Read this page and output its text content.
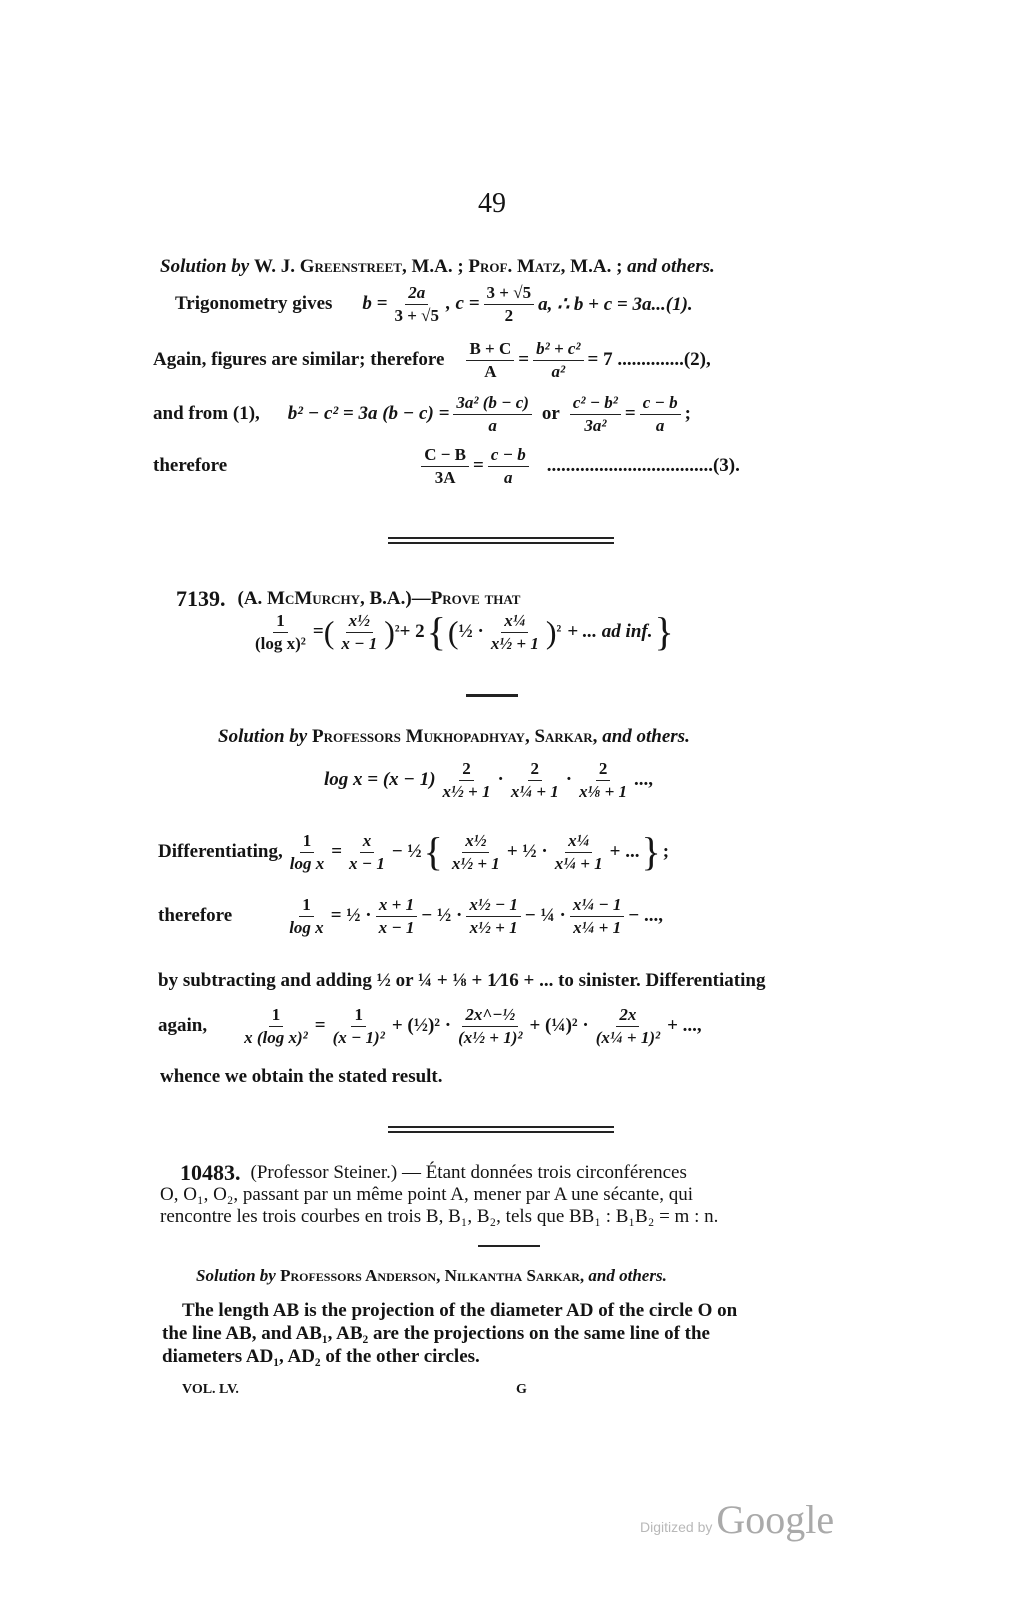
49
Solution by
W. J. Greenstreet, M.A. ; Prof. Matz, M.A. ;
and others.
Trigonometry gives $b = \frac{2a}{3 + √5}$ , $c = \frac{3 + √5}{2} a$, ∴ b + c = 3a...(1).
Again, figures are similar; therefore $\frac{B + C}{A} = \frac{\text{b² + c²}}{\text{a²}} = 7$ ..............(2),
and from (1), b² − c² = 3a $(b - c) = \frac{\text{3a² (b − c)}}{a}$ or $\frac{\text{c² − b²}}{\text{3a²}} = \frac{c - b}{a}$ ;
therefore	$\frac{C - B}{3A} = \frac{c - b}{a} ...................................(3)$.
7139. (A. McMurchy, B.A.)—Prove that
$\frac{1}{\text{(log x)²}}$ = ( $\frac{\text{x½}}{x - 1}$ ) ² + 2 { ( ½ · $\frac{\text{x¼}}{\text{x½ + 1}}$ ) ² + ... ad inf. }
Solution by
Professors Mukhopadhyay, Sarkar,
and others.
$\log x = (x - 1) \frac{2}{\text{x½ + 1}} \cdot \frac{2}{\text{x¼ + 1}} \cdot \frac{2}{\text{x⅛ + 1}}$ ...,
Differentiating, $\frac{1}{\text{log x}} = \frac{x}{x - 1}$ − ½ { $\frac{\text{x½}}{\text{x½ + 1}}$ + ½ · $\frac{\text{x¼}}{\text{x¼ + 1}}$ + ... } ;
therefore	$\frac{1}{\text{log x}}$ = ½ · $\frac{x + 1}{x - 1}$ − ½ · $\frac{\text{x½ − 1}}{\text{x½ + 1}}$ − ¼ · $\frac{\text{x¼ − 1}}{\text{x¼ + 1}}$ − ...,
by subtracting and adding ½ or ¼ + ⅛ + 1⁄16 + ... to sinister. Differentiating
again, $\frac{1}{\text{x (log x)²}} = \frac{1}{\text{(x − 1)²}}$ + (½)² · $\frac{\text{2x\textasciicircum{}−½}}{\text{(x½ + 1)²}}$ + (¼)² · $\frac{2x}{\text{(x¼ + 1)²}}$ + ...,
whence we obtain the stated result.
10483. (Professor Steiner.) — Étant données trois circonférences
O, O₁, O₂, passant par un même point A, mener par A une sécante, qui
rencontre les trois courbes en trois B, B₁, B₂, tels que BB₁ : B₁B₂ = m : n.
Solution by
Professors Anderson, Nilkantha Sarkar,
and others.
The length AB is the projection of the diameter AD of the circle O on
the line AB, and AB₁, AB₂ are the projections on the same line of the
diameters AD₁, AD₂ of the other circles.
VOL. LV.	G
Digitized by Google
